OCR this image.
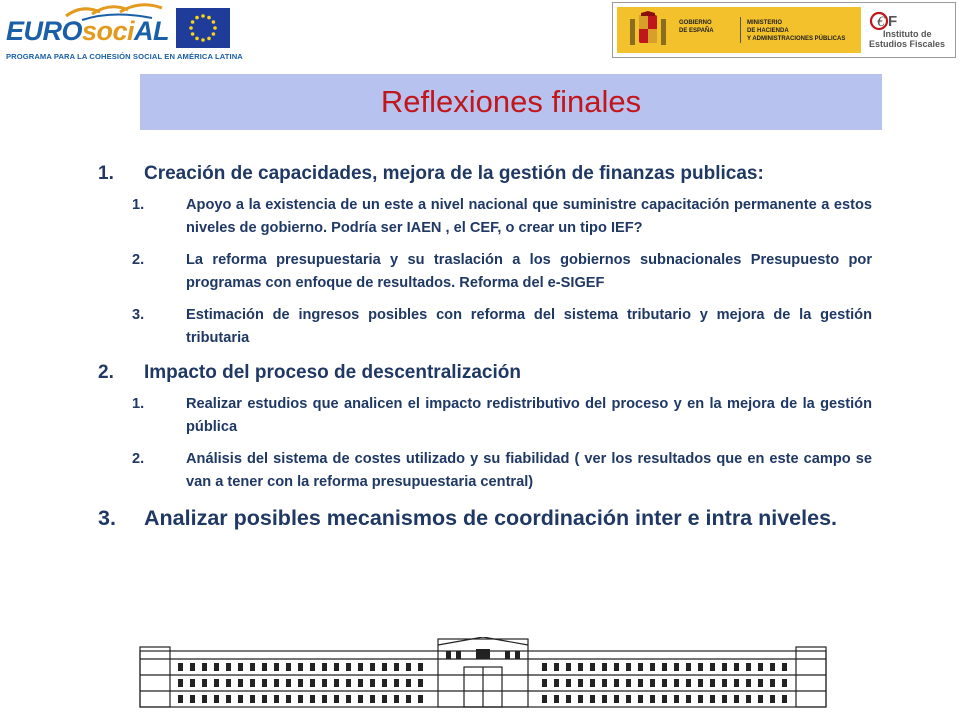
EUROsociAL
PROGRAMA PARA LA COHESIÓN SOCIAL EN AMÉRICA LATINA
GOBIERNO
DE ESPAÑA
MINISTERIO
DE HACIENDA
Y ADMINISTRACIONES PÚBLICAS
€ F
Instituto de
Estudios Fiscales
Reflexiones finales
1.	Creación de capacidades, mejora de la gestión de finanzas publicas:
1.	Apoyo a la existencia de un este a nivel nacional que suministre capacitación permanente a estos niveles de gobierno. Podría ser IAEN , el CEF, o crear un tipo IEF?
2.	La reforma presupuestaria y su traslación a los gobiernos subnacionales Presupuesto por programas con enfoque de resultados. Reforma del e-SIGEF
3.	Estimación de ingresos posibles con reforma del sistema tributario y mejora de la gestión tributaria
2.	Impacto del proceso de descentralización
1.	Realizar estudios que analicen el impacto redistributivo del proceso y en la mejora de la gestión pública
2.	Análisis del sistema de costes utilizado y su fiabilidad ( ver los resultados que en este campo se van a tener con la reforma presupuestaria central)
3.	Analizar posibles mecanismos de coordinación inter e intra niveles.
